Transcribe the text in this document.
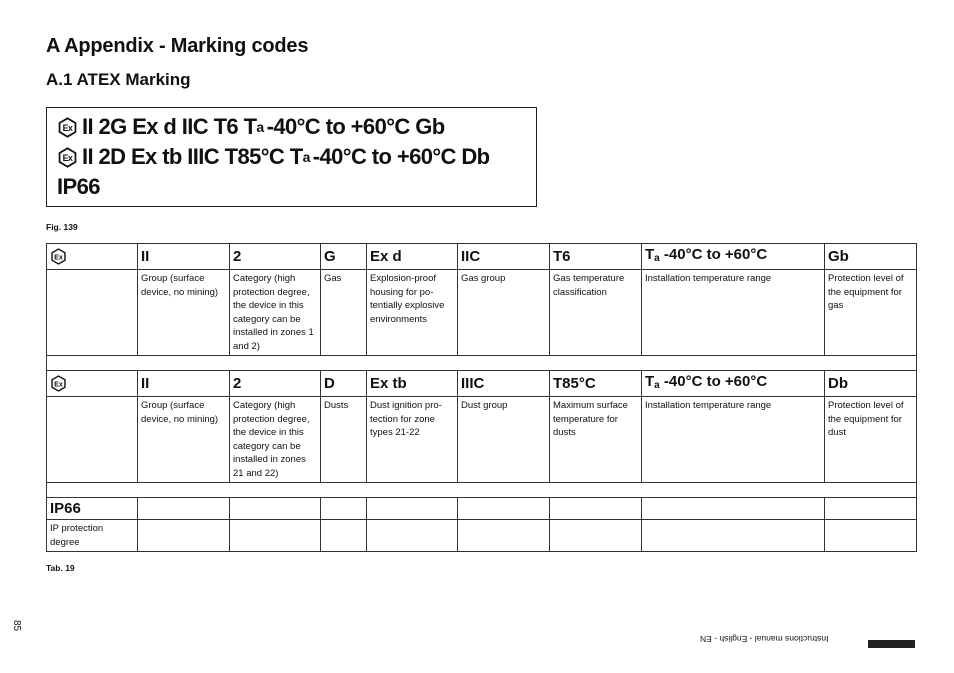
A Appendix - Marking codes
A.1 ATEX Marking
II 2G Ex d IIC T6 T a -40°C to +60°C Gb
II 2D Ex tb IIIC T85°C T a -40°C to +60°C Db
IP66
Fig. 139
	II	2	G	Ex d	IIC	T6	$T_a$ -40°C to +60°C	Gb
	Group (surface device, no mining)	Category (high protection degree, the device in this category can be installed in zones 1 and 2)	Gas	Explosion-proof housing for potentially explosive environments	Gas group	Gas temperature classification	Installation temperature range	Protection level of the equipment for gas

	II	2	D	Ex tb	IIIC	T85°C	$T_a$ -40°C to +60°C	Db
	Group (surface device, no mining)	Category (high protection degree, the device in this category can be installed in zones 21 and 22)	Dusts	Dust ignition protection for zone types 21-22	Dust group	Maximum surface temperature for dusts	Installation temperature range	Protection level of the equipment for dust

IP66								
IP protection degree								
Tab. 19
85
Instructions manual - English - EN
